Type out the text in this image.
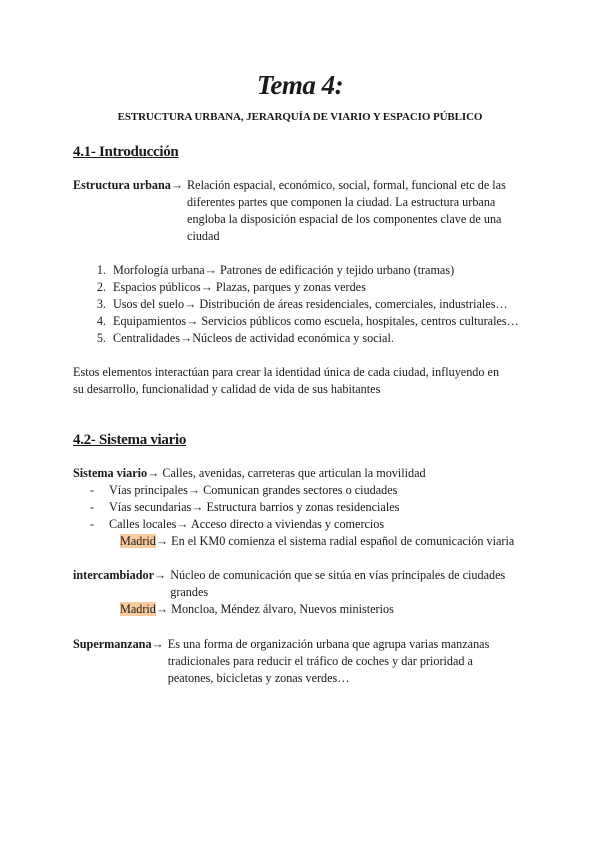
Tema 4:
ESTRUCTURA URBANA, JERARQUÍA DE VIARIO Y ESPACIO PÚBLICO
4.1- Introducción
Estructura urbana→ Relación espacial, económico, social, formal, funcional etc de las
diferentes partes que componen la ciudad. La estructura urbana
engloba la disposición espacial de los componentes clave de una
ciudad
1. Morfología urbana→ Patrones de edificación y tejido urbano (tramas)
2. Espacios públicos→ Plazas, parques y zonas verdes
3. Usos del suelo→ Distribución de áreas residenciales, comerciales, industriales…
4. Equipamientos→ Servicios públicos como escuela, hospitales, centros culturales…
5. Centralidades→Núcleos de actividad económica y social.
Estos elementos interactúan para crear la identidad única de cada ciudad, influyendo en
su desarrollo, funcionalidad y calidad de vida de sus habitantes
4.2- Sistema viario
Sistema viario→ Calles, avenidas, carreteras que articulan la movilidad
- Vías principales→ Comunican grandes sectores o ciudades
- Vías secundarias→ Estructura barrios y zonas residenciales
- Calles locales→ Acceso directo a viviendas y comercios
Madrid→ En el KM0 comienza el sistema radial español de comunicación viaria
intercambiador→ Núcleo de comunicación que se sitúa en vías principales de ciudades
grandes
Madrid→ Moncloa, Méndez álvaro, Nuevos ministerios
Supermanzana→ Es una forma de organización urbana que agrupa varias manzanas
tradicionales para reducir el tráfico de coches y dar prioridad a
peatones, bicicletas y zonas verdes…
